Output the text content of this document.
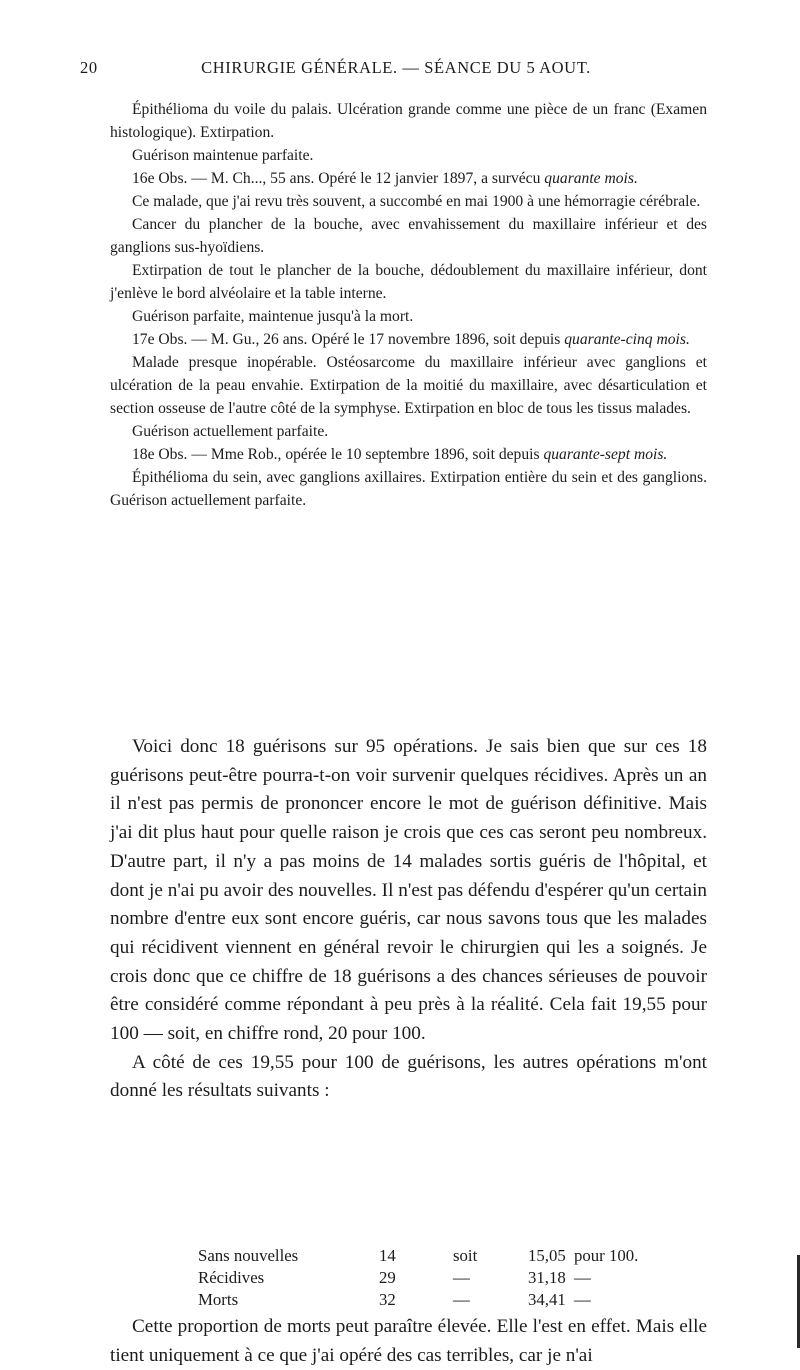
20	CHIRURGIE GÉNÉRALE. — SÉANCE DU 5 AOUT.

Épithélioma du voile du palais. Ulcération grande comme une pièce de un franc (Examen histologique). Extirpation.

Guérison maintenue parfaite.

16e Obs. — M. Ch..., 55 ans. Opéré le 12 janvier 1897, a survécu quarante mois.

Ce malade, que j'ai revu très souvent, a succombé en mai 1900 à une hémorragie cérébrale.

Cancer du plancher de la bouche, avec envahissement du maxillaire inférieur et des ganglions sus-hyoïdiens.

Extirpation de tout le plancher de la bouche, dédoublement du maxillaire inférieur, dont j'enlève le bord alvéolaire et la table interne.

Guérison parfaite, maintenue jusqu'à la mort.

17e Obs. — M. Gu., 26 ans. Opéré le 17 novembre 1896, soit depuis quarante-cinq mois.

Malade presque inopérable. Ostéosarcome du maxillaire inférieur avec ganglions et ulcération de la peau envahie. Extirpation de la moitié du maxillaire, avec désarticulation et section osseuse de l'autre côté de la symphyse. Extirpation en bloc de tous les tissus malades.

Guérison actuellement parfaite.

18e Obs. — Mme Rob., opérée le 10 septembre 1896, soit depuis quarante-sept mois.

Épithélioma du sein, avec ganglions axillaires. Extirpation entière du sein et des ganglions. Guérison actuellement parfaite.

Voici donc 18 guérisons sur 95 opérations. Je sais bien que sur ces 18 guérisons peut-être pourra-t-on voir survenir quelques récidives. Après un an il n'est pas permis de prononcer encore le mot de guérison définitive. Mais j'ai dit plus haut pour quelle raison je crois que ces cas seront peu nombreux. D'autre part, il n'y a pas moins de 14 malades sortis guéris de l'hôpital, et dont je n'ai pu avoir des nouvelles. Il n'est pas défendu d'espérer qu'un certain nombre d'entre eux sont encore guéris, car nous savons tous que les malades qui récidivent viennent en général revoir le chirurgien qui les a soignés. Je crois donc que ce chiffre de 18 guérisons a des chances sérieuses de pouvoir être considéré comme répondant à peu près à la réalité. Cela fait 19,55 pour 100 — soit, en chiffre rond, 20 pour 100.

A côté de ces 19,55 pour 100 de guérisons, les autres opérations m'ont donné les résultats suivants :

Sans nouvelles	14	soit	15,05 pour 100.
Récidives	29	—	31,18 —
Morts	32	—	34,41 —

Cette proportion de morts peut paraître élevée. Elle l'est en effet. Mais elle tient uniquement à ce que j'ai opéré des cas terribles, car je n'ai
